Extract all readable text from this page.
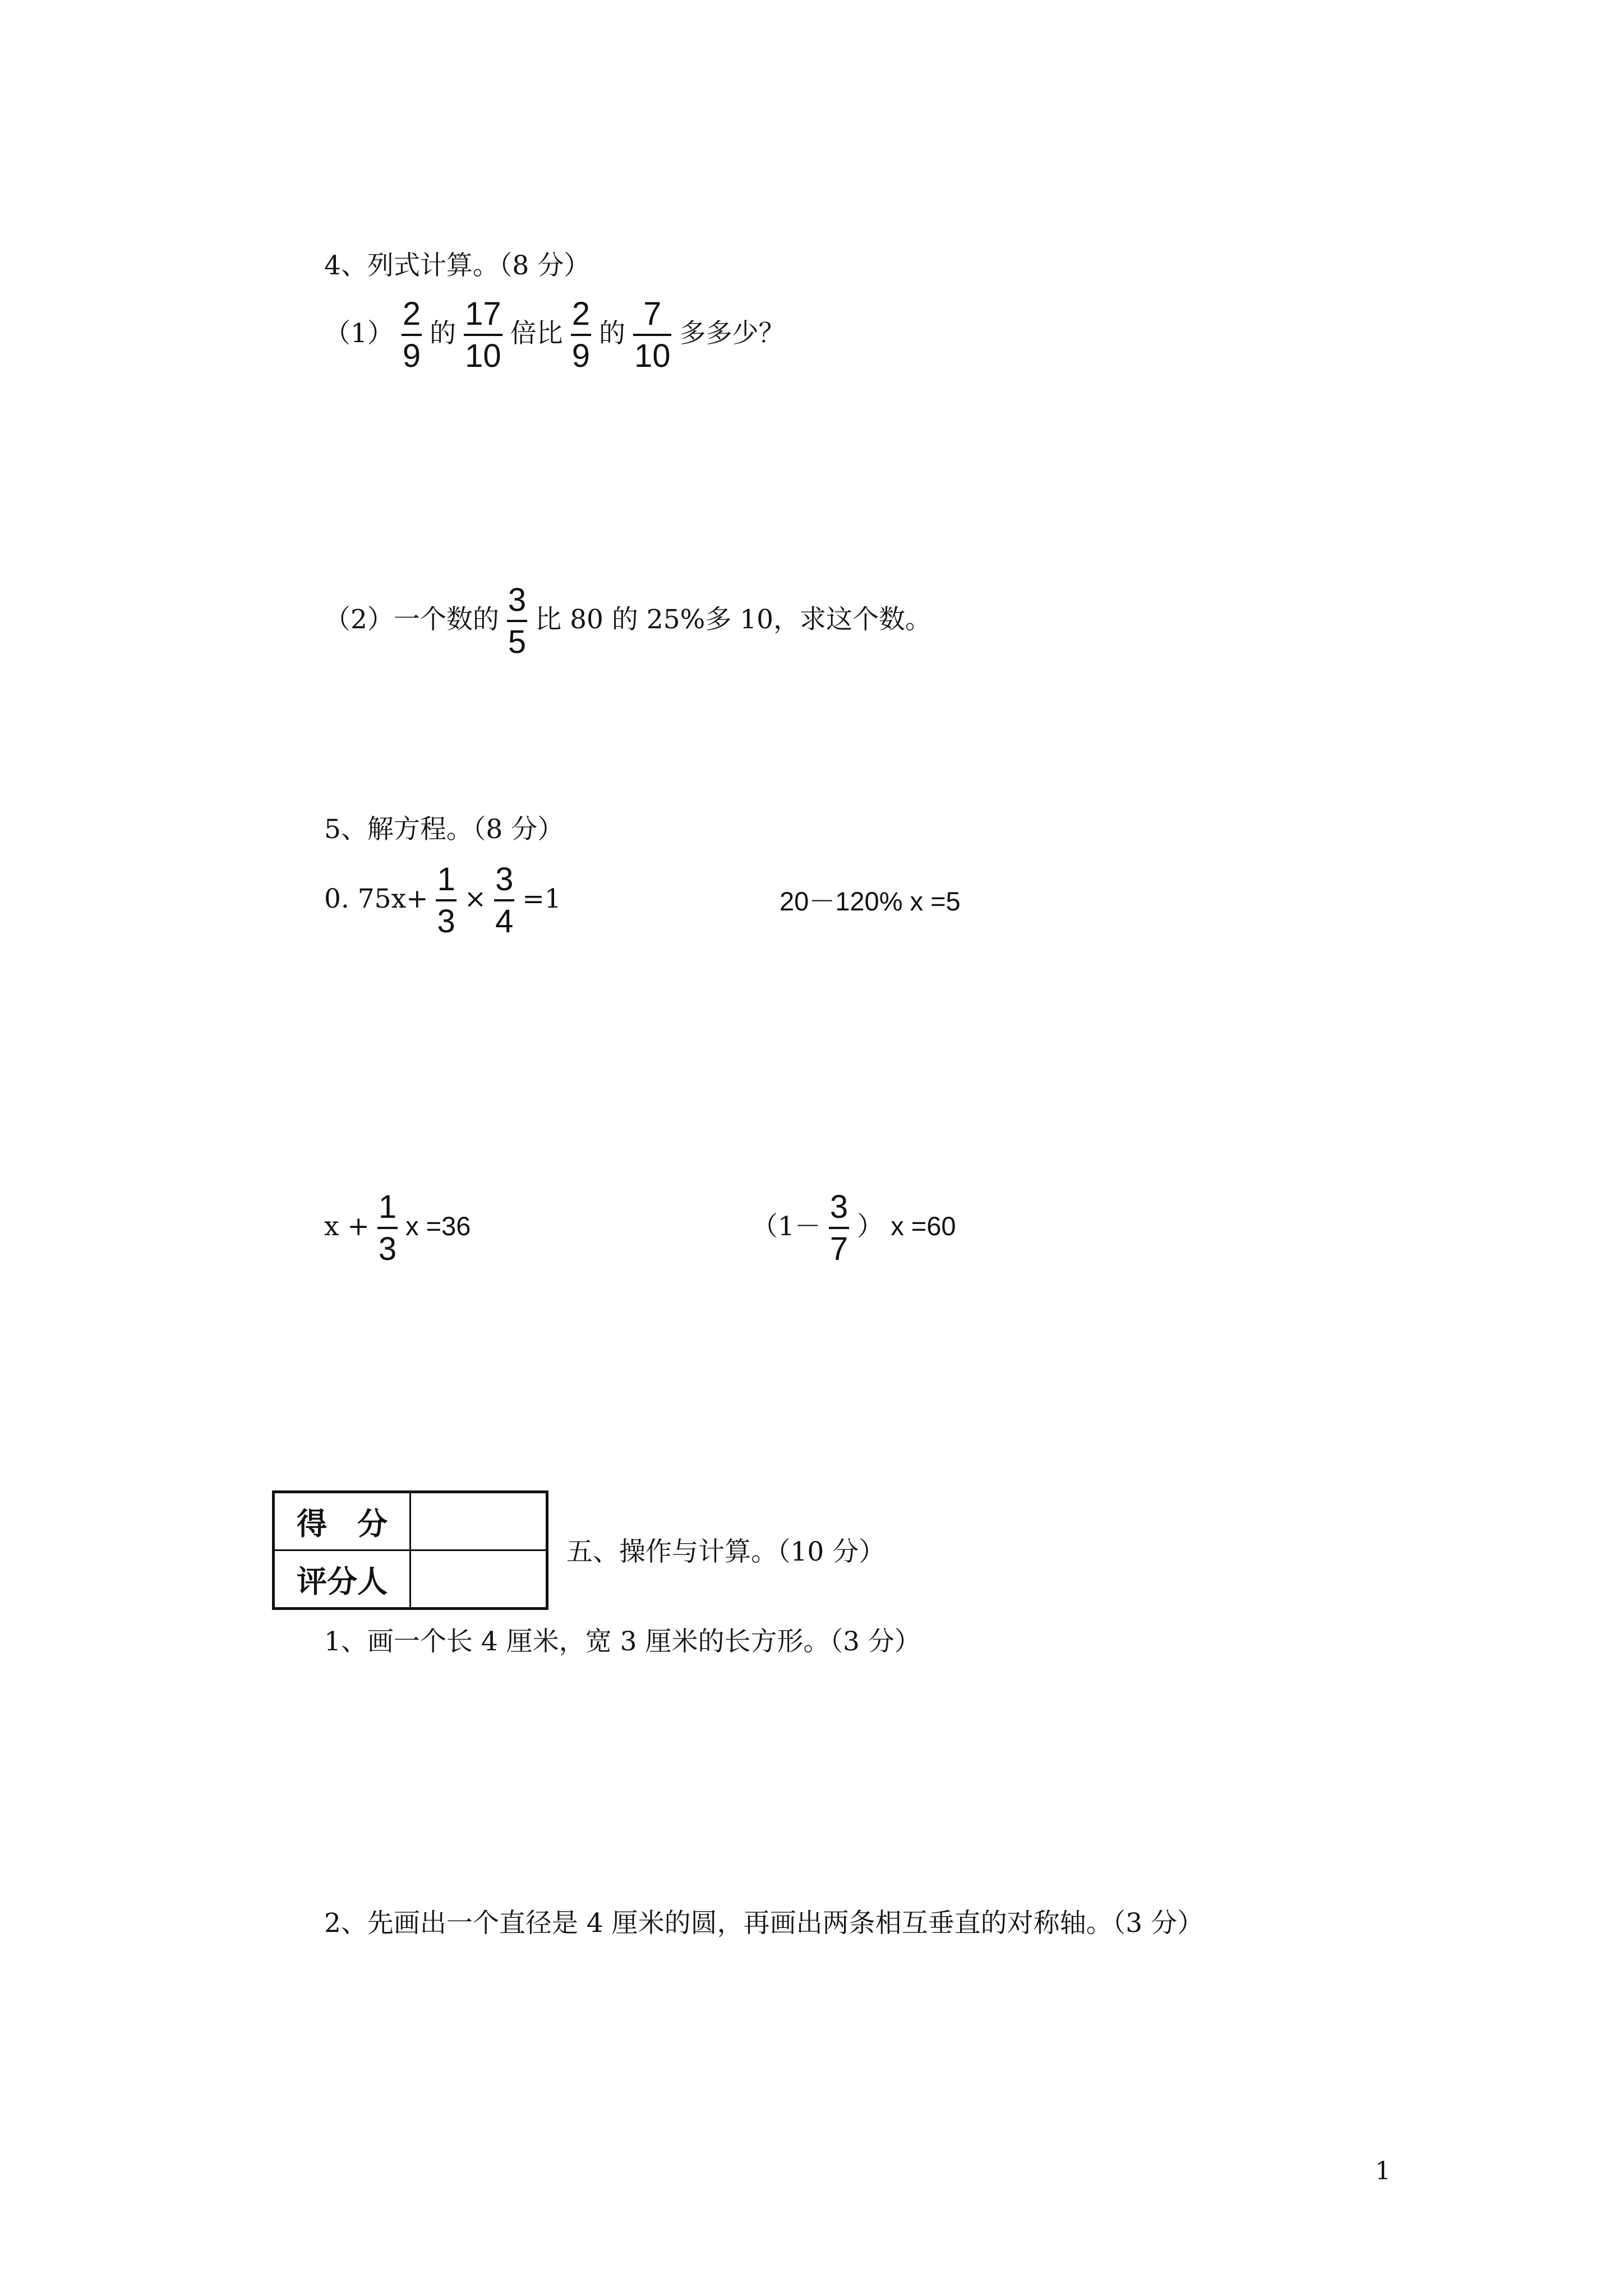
4、列式计算。（8 分）
$(1) \frac{2}{9}$ 的 $\frac{17}{10}$ 倍比 $\frac{2}{9}$ 的 $\frac{7}{10}$ 多多少？
（2）一个数的 $\frac{3}{5}$ 比 80 的 25%多 10，求这个数。
5、解方程。（8 分）
0. $75x+ \frac{1}{3} \times \frac{3}{4} =1$	20－120% x =5
$x + \frac{1}{3}$ x =36	（$1- \frac{3}{7}$ ） x =60
得　分	
评分人	
五、操作与计算。（10 分）
1、画一个长 4 厘米，宽 3 厘米的长方形。（3 分）
2、先画出一个直径是 4 厘米的圆，再画出两条相互垂直的对称轴。（3 分）
1
